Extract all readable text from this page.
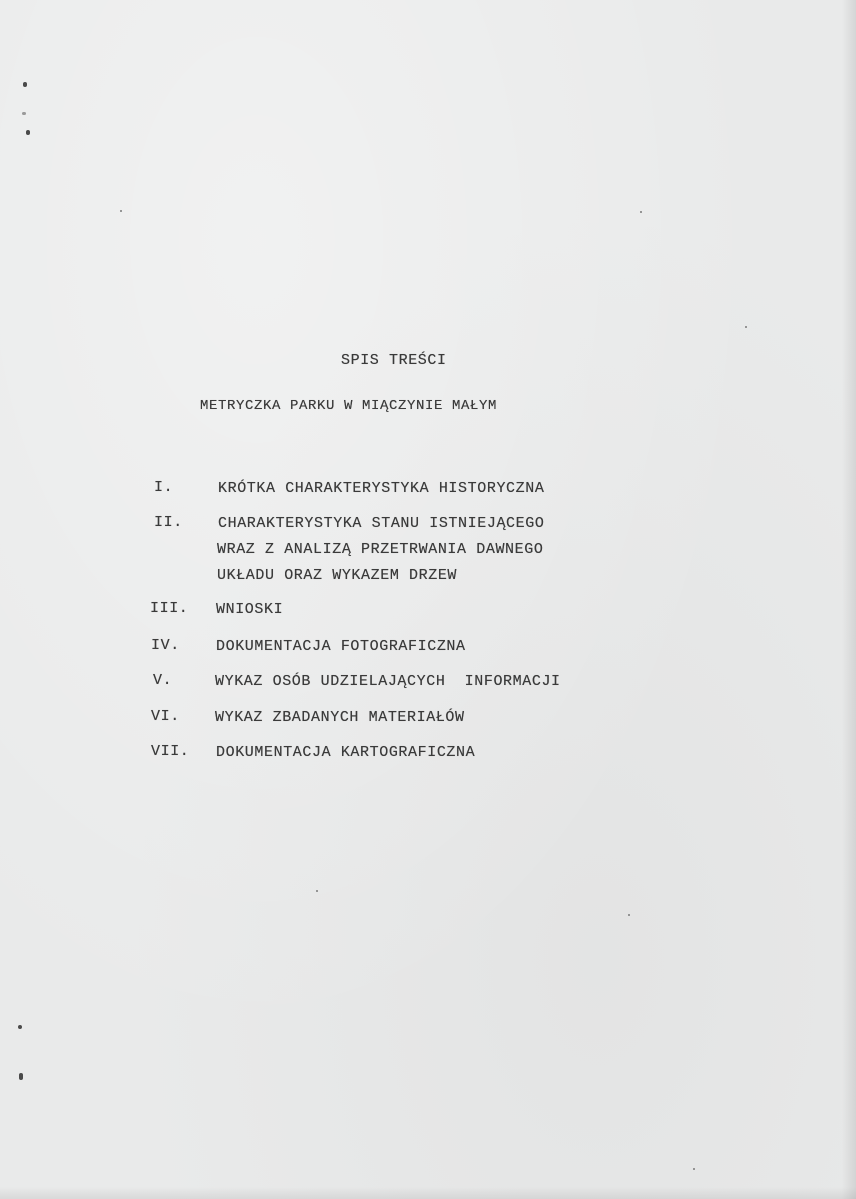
SPIS TREŚCI
METRYCZKA PARKU W MIĄCZYNIE MAŁYM
I.	KRÓTKA CHARAKTERYSTYKA HISTORYCZNA
II. CHARAKTERYSTYKA STANU ISTNIEJĄCEGO
WRAZ Z ANALIZĄ PRZETRWANIA DAWNEGO
UKŁADU ORAZ WYKAZEM DRZEW
III. WNIOSKI
IV. DOKUMENTACJA FOTOGRAFICZNA
V.	WYKAZ OSÓB UDZIELAJĄCYCH  INFORMACJI
VI. WYKAZ ZBADANYCH MATERIAŁÓW
VII. DOKUMENTACJA KARTOGRAFICZNA
